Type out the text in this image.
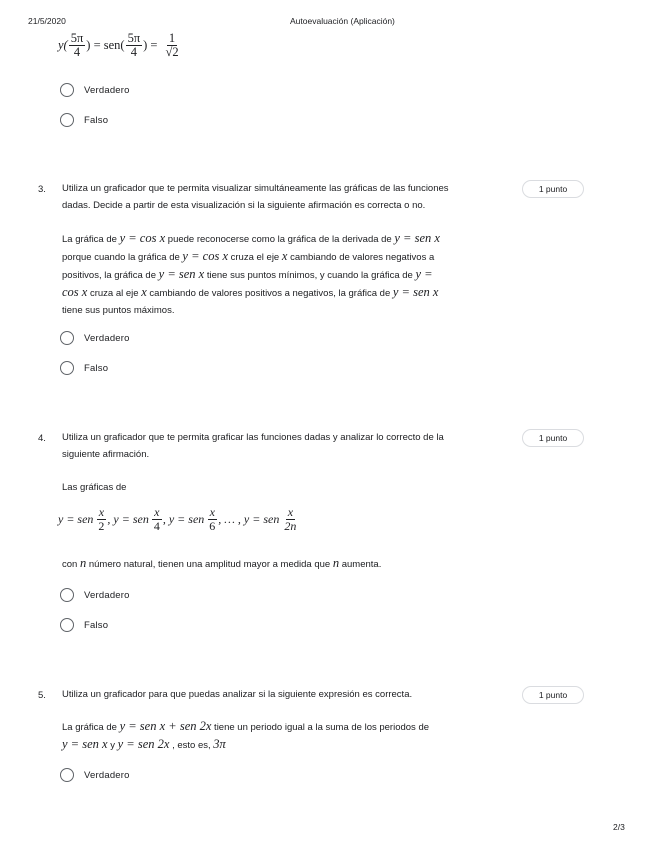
21/5/2020	Autoevaluación (Aplicación)
$y( \frac{5\pi}{4}$ ) = $sen( \frac{5\pi}{4}$ ) = $\frac{1}{√2}$
Verdadero
Falso
3. Utiliza un graficador que te permita visualizar simultáneamente las gráficas de las funciones
dadas. Decide a partir de esta visualización si la siguiente afirmación es correcta o no.
1 punto
La gráfica de y = cos x puede reconocerse como la gráfica de la derivada de y = sen x
porque cuando la gráfica de y = cos x cruza el eje x cambiando de valores negativos a
positivos, la gráfica de y = sen x tiene sus puntos mínimos, y cuando la gráfica de y =
cos x cruza al eje x cambiando de valores positivos a negativos, la gráfica de y = sen x
tiene sus puntos máximos.
Verdadero
Falso
4. Utiliza un graficador que te permita graficar las funciones dadas y analizar lo correcto de la
siguiente afirmación.
1 punto
Las gráficas de
y = sen $\frac{x}{2}$ , y = sen $\frac{x}{4}$ , y = sen $\frac{x}{6}$ , … , y = sen $\frac{x}{2n}$
con n número natural, tienen una amplitud mayor a medida que n aumenta.
Verdadero
Falso
5. Utiliza un graficador para que puedas analizar si la siguiente expresión es correcta.	1 punto
La gráfica de y = sen x + sen 2x tiene un periodo igual a la suma de los periodos de
y = sen x y y = sen 2x , esto es, 3π
Verdadero
2/3
